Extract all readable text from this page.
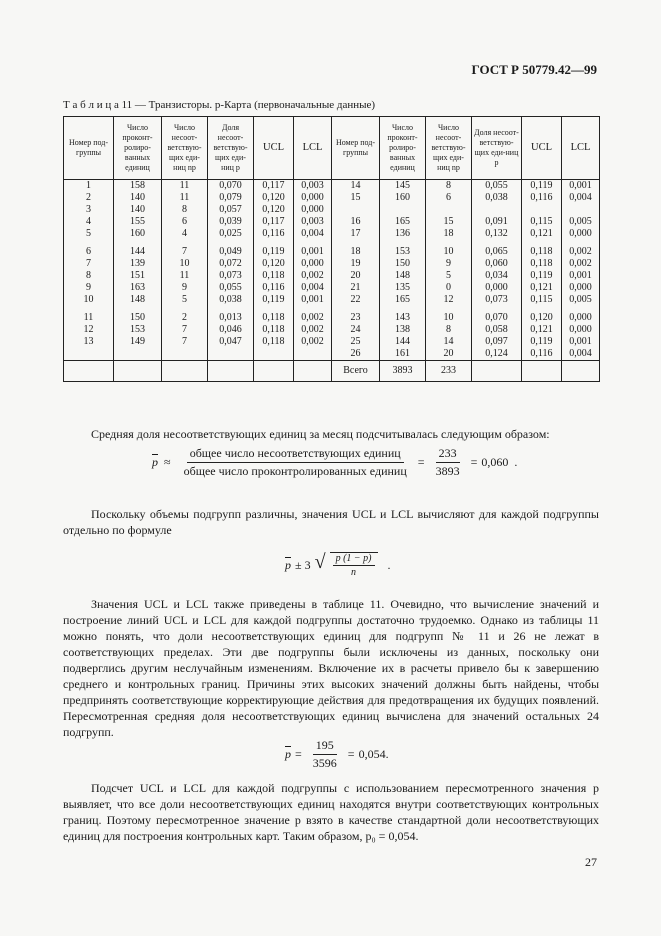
ГОСТ Р 50779.42—99
Т а б л и ц а 11 — Транзисторы. p-Карта (первоначальные данные)
Номер под-группы	Число проконт-ролиро-ванных единиц	Число несоот-ветствую-щих еди-ниц np	Доля несоот-ветствую-щих еди-ниц p	UCL	LCL	Номер под-группы	Число проконт-ролиро-ванных единиц	Число несоот-ветствую-щих еди-ниц np	Доля несоот-ветствую-щих еди-ниц p	UCL	LCL
1	158	11	0,070	0,117	0,003	14	145	8	0,055	0,119	0,001
2	140	11	0,079	0,120	0,000	15	160	6	0,038	0,116	0,004
3	140	8	0,057	0,120	0,000						
4	155	6	0,039	0,117	0,003	16	165	15	0,091	0,115	0,005
5	160	4	0,025	0,116	0,004	17	136	18	0,132	0,121	0,000

6	144	7	0,049	0,119	0,001	18	153	10	0,065	0,118	0,002
7	139	10	0,072	0,120	0,000	19	150	9	0,060	0,118	0,002
8	151	11	0,073	0,118	0,002	20	148	5	0,034	0,119	0,001
9	163	9	0,055	0,116	0,004	21	135	0	0,000	0,121	0,000
10	148	5	0,038	0,119	0,001	22	165	12	0,073	0,115	0,005

11	150	2	0,013	0,118	0,002	23	143	10	0,070	0,120	0,000
12	153	7	0,046	0,118	0,002	24	138	8	0,058	0,121	0,000
13	149	7	0,047	0,118	0,002	25	144	14	0,097	0,119	0,001
						26	161	20	0,124	0,116	0,004
						Всего	3893	233			
Средняя доля несоответствующих единиц за месяц подсчитывалась следующим образом:
$\overline{p} \approx \frac{\text{общее число несоответствующих единиц}}{\text{общее число проконтролированных единиц}} = \frac{233}{3893} = 0,060$ .
Поскольку объемы подгрупп различны, значения UCL и LCL вычисляют для каждой подгруппы отдельно по формуле
$\overline{p} \pm 3$ √ $\frac{p (1 - p)}{n}$ .
Значения UCL и LCL также приведены в таблице 11. Очевидно, что вычисление значений и построение линий UCL и LCL для каждой подгруппы достаточно трудоемко. Однако из таблицы 11 можно понять, что доли несоответствующих единиц для подгрупп № 11 и 26 не лежат в соответствующих пределах. Эти две подгруппы были исключены из данных, поскольку они подверглись другим неслучайным изменениям. Включение их в расчеты привело бы к завершению среднего и контрольных границ. Причины этих высоких значений должны быть найдены, чтобы предпринять соответствующие корректирующие действия для предотвращения их будущих появлений. Пересмотренная средняя доля несоответствующих единиц вычислена для значений остальных 24 подгрупп.
$\overline{p} = \frac{195}{3596} = 0,054$.
Подсчет UCL и LCL для каждой подгруппы с использованием пересмотренного значения p выявляет, что все доли несоответствующих единиц находятся внутри соответствующих контрольных границ. Поэтому пересмотренное значение p взято в качестве стандартной доли несоответствующих единиц для построения контрольных карт. Таким образом, p₀ = 0,054.
27
